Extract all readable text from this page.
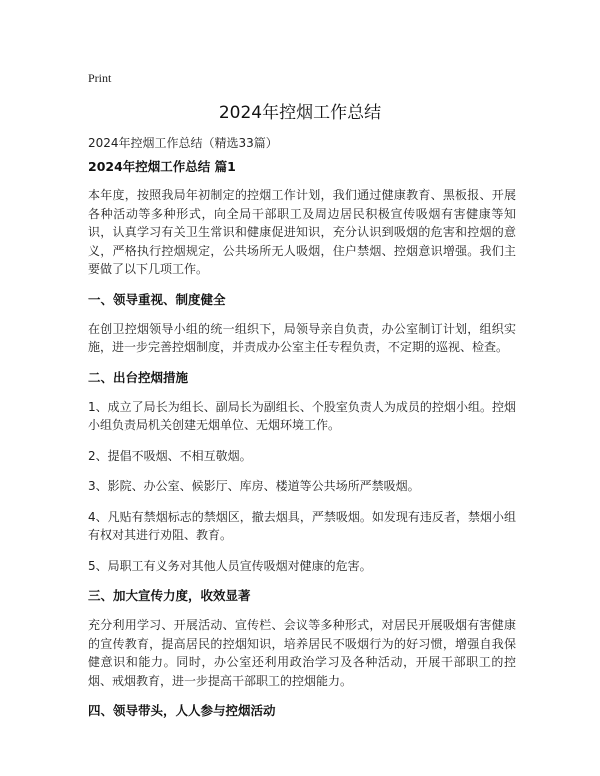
Print
2024年控烟工作总结
2024年控烟工作总结（精选33篇）
2024年控烟工作总结 篇1

本年度，按照我局年初制定的控烟工作计划，我们通过健康教育、黑板报、开展各种活动等多种形式，向全局干部职工及周边居民积极宣传吸烟有害健康等知识，认真学习有关卫生常识和健康促进知识，充分认识到吸烟的危害和控烟的意义，严格执行控烟规定，公共场所无人吸烟，住户禁烟、控烟意识增强。我们主要做了以下几项工作。

一、领导重视、制度健全

在创卫控烟领导小组的统一组织下，局领导亲自负责，办公室制订计划，组织实施，进一步完善控烟制度，并责成办公室主任专程负责，不定期的巡视、检查。

二、出台控烟措施

1、成立了局长为组长、副局长为副组长、个股室负责人为成员的控烟小组。控烟小组负责局机关创建无烟单位、无烟环境工作。

2、提倡不吸烟、不相互敬烟。

3、影院、办公室、候影厅、库房、楼道等公共场所严禁吸烟。

4、凡贴有禁烟标志的禁烟区，撤去烟具，严禁吸烟。如发现有违反者，禁烟小组有权对其进行劝阻、教育。

5、局职工有义务对其他人员宣传吸烟对健康的危害。

三、加大宣传力度，收效显著

充分利用学习、开展活动、宣传栏、会议等多种形式，对居民开展吸烟有害健康的宣传教育，提高居民的控烟知识，培养居民不吸烟行为的好习惯，增强自我保健意识和能力。同时，办公室还利用政治学习及各种活动，开展干部职工的控烟、戒烟教育，进一步提高干部职工的控烟能力。

四、领导带头，人人参与控烟活动
